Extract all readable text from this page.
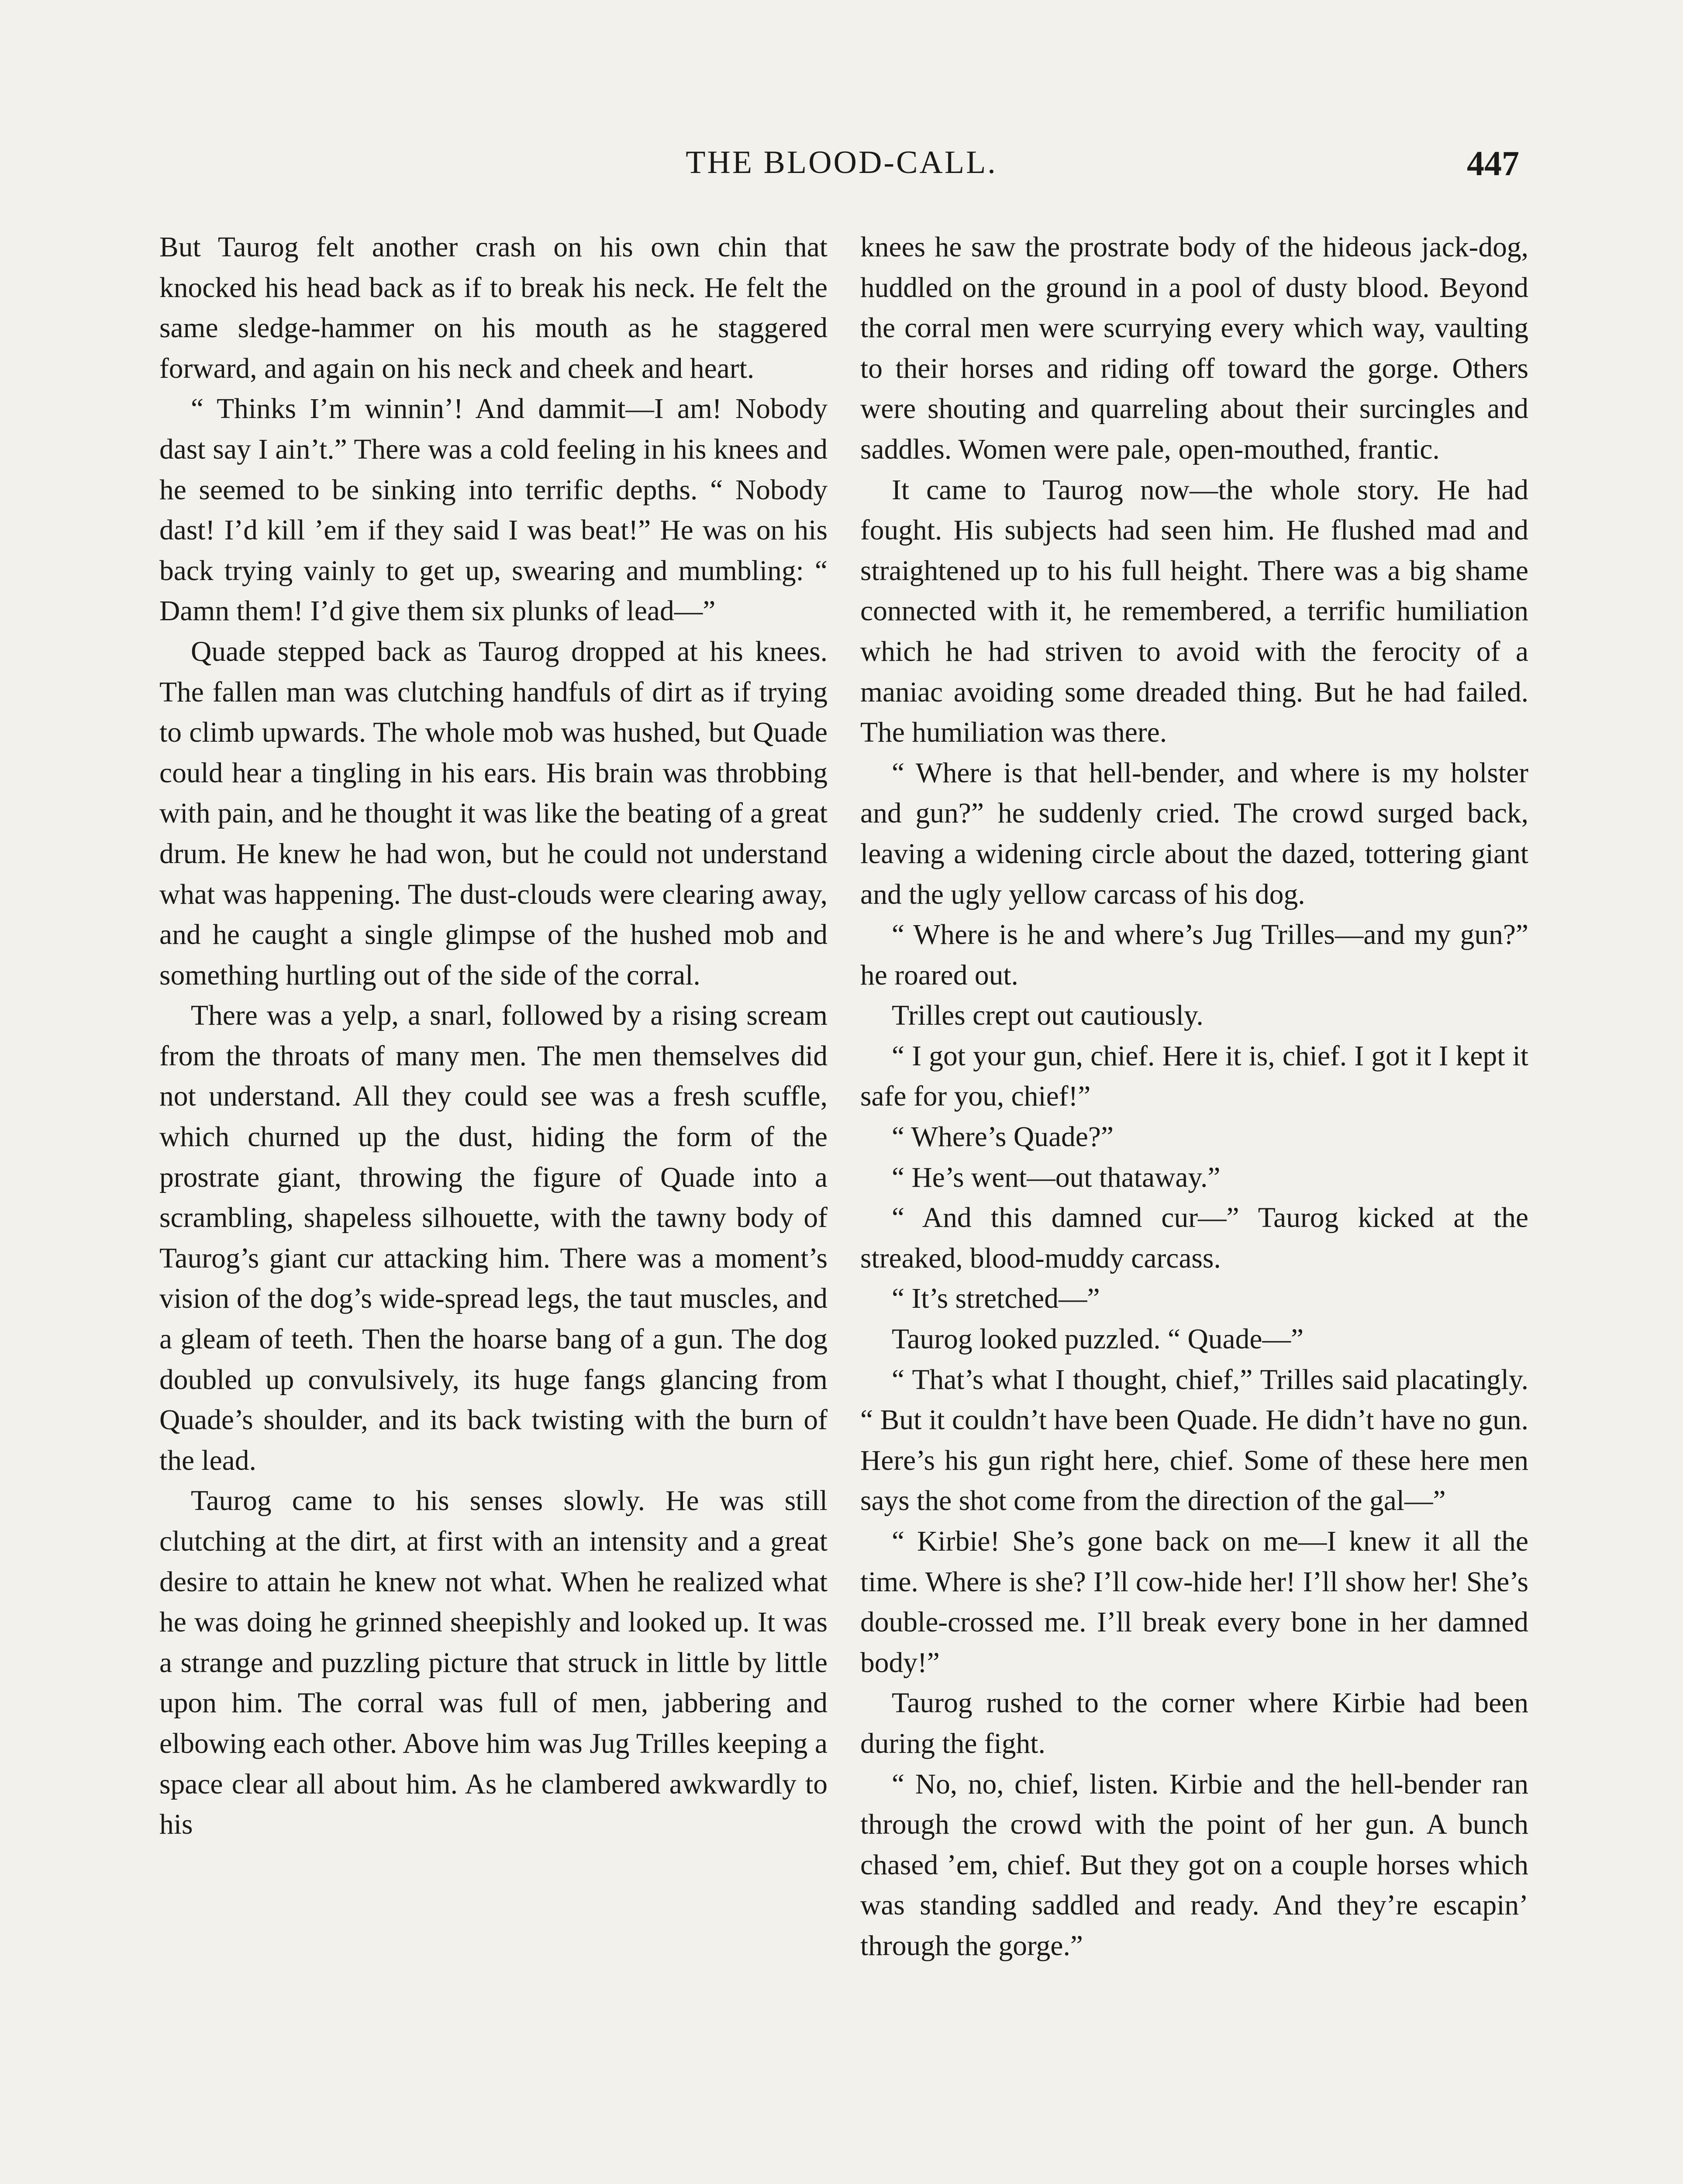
THE BLOOD-CALL.	447

But Taurog felt another crash on his own chin that knocked his head back as if to break his neck. He felt the same sledge-hammer on his mouth as he staggered forward, and again on his neck and cheek and heart.

“ Thinks I’m winnin’! And dammit—I am! Nobody dast say I ain’t.” There was a cold feeling in his knees and he seemed to be sinking into terrific depths. “ Nobody dast! I’d kill ’em if they said I was beat!” He was on his back trying vainly to get up, swearing and mumbling: “ Damn them! I’d give them six plunks of lead—”

Quade stepped back as Taurog dropped at his knees. The fallen man was clutching handfuls of dirt as if trying to climb upwards. The whole mob was hushed, but Quade could hear a tingling in his ears. His brain was throbbing with pain, and he thought it was like the beating of a great drum. He knew he had won, but he could not understand what was happening. The dust-clouds were clearing away, and he caught a single glimpse of the hushed mob and something hurtling out of the side of the corral.

There was a yelp, a snarl, followed by a rising scream from the throats of many men. The men themselves did not understand. All they could see was a fresh scuffle, which churned up the dust, hiding the form of the prostrate giant, throwing the figure of Quade into a scrambling, shapeless silhouette, with the tawny body of Taurog’s giant cur attacking him. There was a moment’s vision of the dog’s wide-spread legs, the taut muscles, and a gleam of teeth. Then the hoarse bang of a gun. The dog doubled up convulsively, its huge fangs glancing from Quade’s shoulder, and its back twisting with the burn of the lead.

Taurog came to his senses slowly. He was still clutching at the dirt, at first with an intensity and a great desire to attain he knew not what. When he realized what he was doing he grinned sheepishly and looked up. It was a strange and puzzling picture that struck in little by little upon him. The corral was full of men, jabbering and elbowing each other. Above him was Jug Trilles keeping a space clear all about him. As he clambered awkwardly to his

knees he saw the prostrate body of the hideous jack-dog, huddled on the ground in a pool of dusty blood. Beyond the corral men were scurrying every which way, vaulting to their horses and riding off toward the gorge. Others were shouting and quarreling about their surcingles and saddles. Women were pale, open-mouthed, frantic.

It came to Taurog now—the whole story. He had fought. His subjects had seen him. He flushed mad and straightened up to his full height. There was a big shame connected with it, he remembered, a terrific humiliation which he had striven to avoid with the ferocity of a maniac avoiding some dreaded thing. But he had failed. The humiliation was there.

“ Where is that hell-bender, and where is my holster and gun?” he suddenly cried. The crowd surged back, leaving a widening circle about the dazed, tottering giant and the ugly yellow carcass of his dog.

“ Where is he and where’s Jug Trilles—and my gun?” he roared out.

Trilles crept out cautiously.

“ I got your gun, chief. Here it is, chief. I got it I kept it safe for you, chief!”

“ Where’s Quade?”

“ He’s went—out thataway.”

“ And this damned cur—” Taurog kicked at the streaked, blood-muddy carcass.

“ It’s stretched—”

Taurog looked puzzled. “ Quade—”

“ That’s what I thought, chief,” Trilles said placatingly. “ But it couldn’t have been Quade. He didn’t have no gun. Here’s his gun right here, chief. Some of these here men says the shot come from the direction of the gal—”

“ Kirbie! She’s gone back on me—I knew it all the time. Where is she? I’ll cow-hide her! I’ll show her! She’s double-crossed me. I’ll break every bone in her damned body!”

Taurog rushed to the corner where Kirbie had been during the fight.

“ No, no, chief, listen. Kirbie and the hell-bender ran through the crowd with the point of her gun. A bunch chased ’em, chief. But they got on a couple horses which was standing saddled and ready. And they’re escapin’ through the gorge.”
